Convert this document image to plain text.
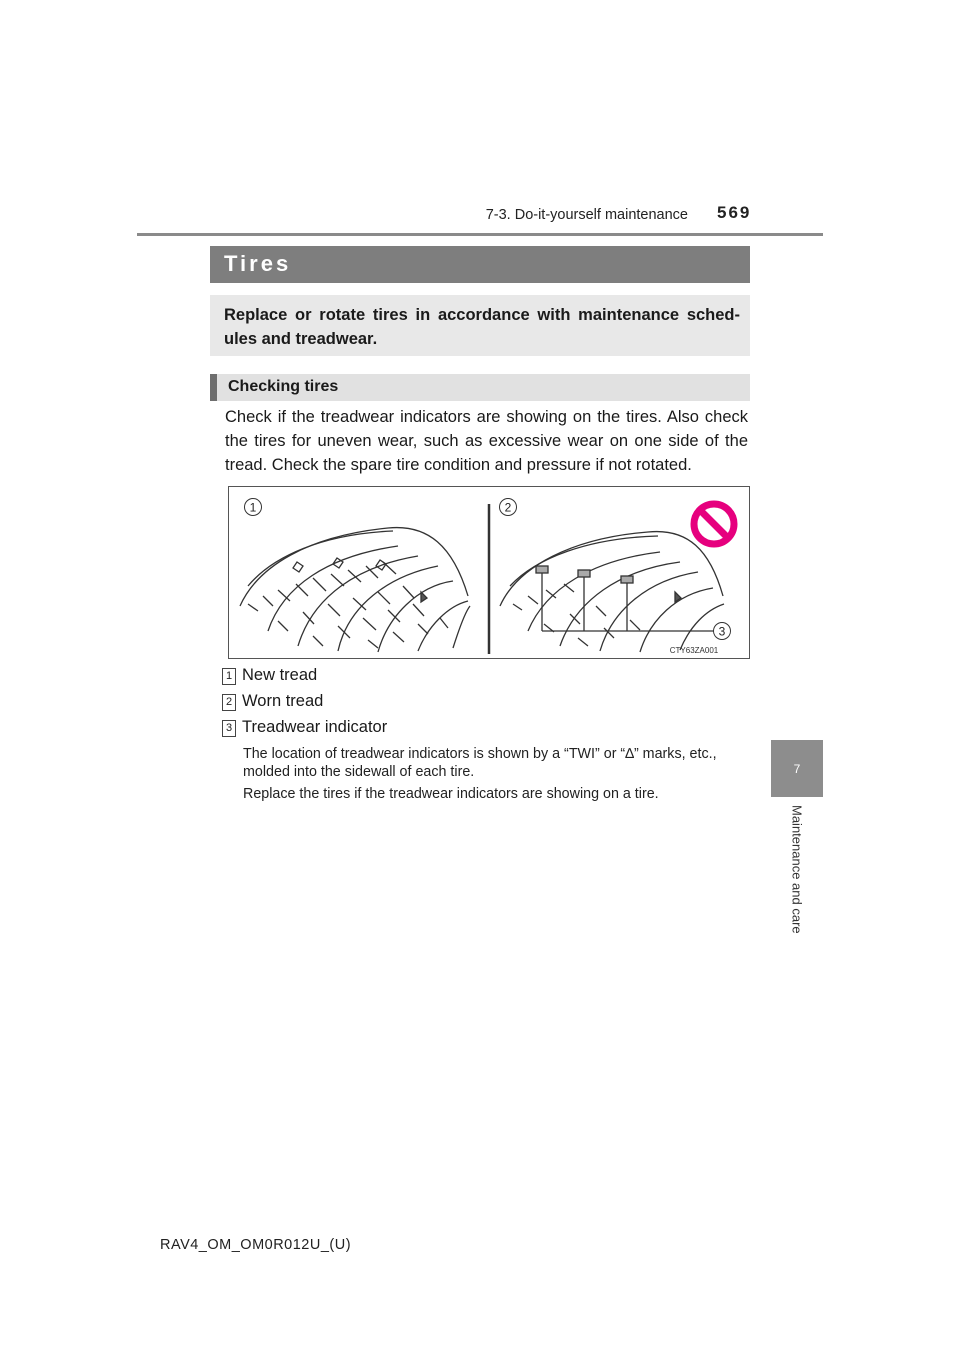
7-3. Do-it-yourself maintenance 569
7
Maintenance and care
Tires
Replace or rotate tires in accordance with maintenance sched-ules and treadwear.
Checking tires
Check if the treadwear indicators are showing on the tires. Also check the tires for uneven wear, such as excessive wear on one side of the tread. Check the spare tire condition and pressure if not rotated.
1	2
3
CTY63ZA001
1 New tread
2 Worn tread
3 Treadwear indicator

The location of treadwear indicators is shown by a “TWI” or “∆” marks, etc., molded into the sidewall of each tire.

Replace the tires if the treadwear indicators are showing on a tire.

RAV4_OM_OM0R012U_(U)
